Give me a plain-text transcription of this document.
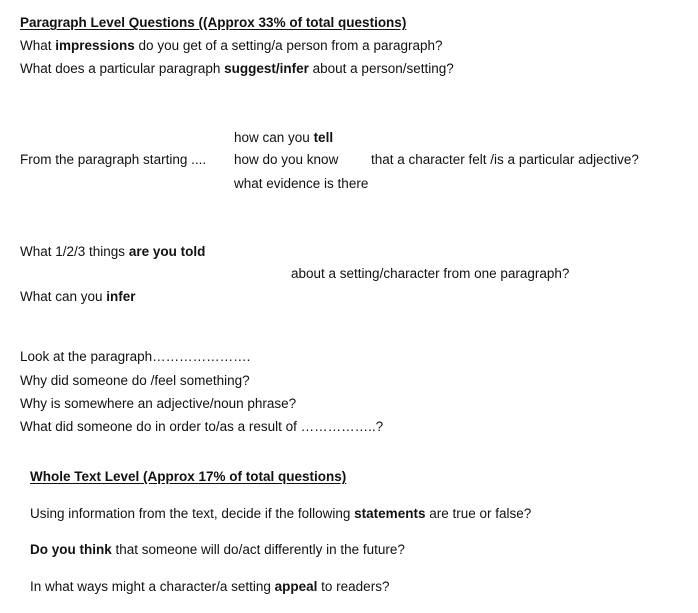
Paragraph Level Questions ((Approx 33% of total questions)
What impressions do you get of a setting/a person from a paragraph?
What does a particular paragraph suggest/infer about a person/setting?
how can you tell
From the paragraph starting .... how do you know that a character felt /is a particular adjective?
what evidence is there
What 1/2/3 things are you told
about a setting/character from one paragraph?
What can you infer
Look at the paragraph………………….
Why did someone do /feel something?
Why is somewhere an adjective/noun phrase?
What did someone do in order to/as a result of ……………..?
Whole Text Level (Approx 17% of total questions)
Using information from the text, decide if the following statements are true or false?
Do you think that someone will do/act differently in the future?
In what ways might a character/a setting appeal to readers?
